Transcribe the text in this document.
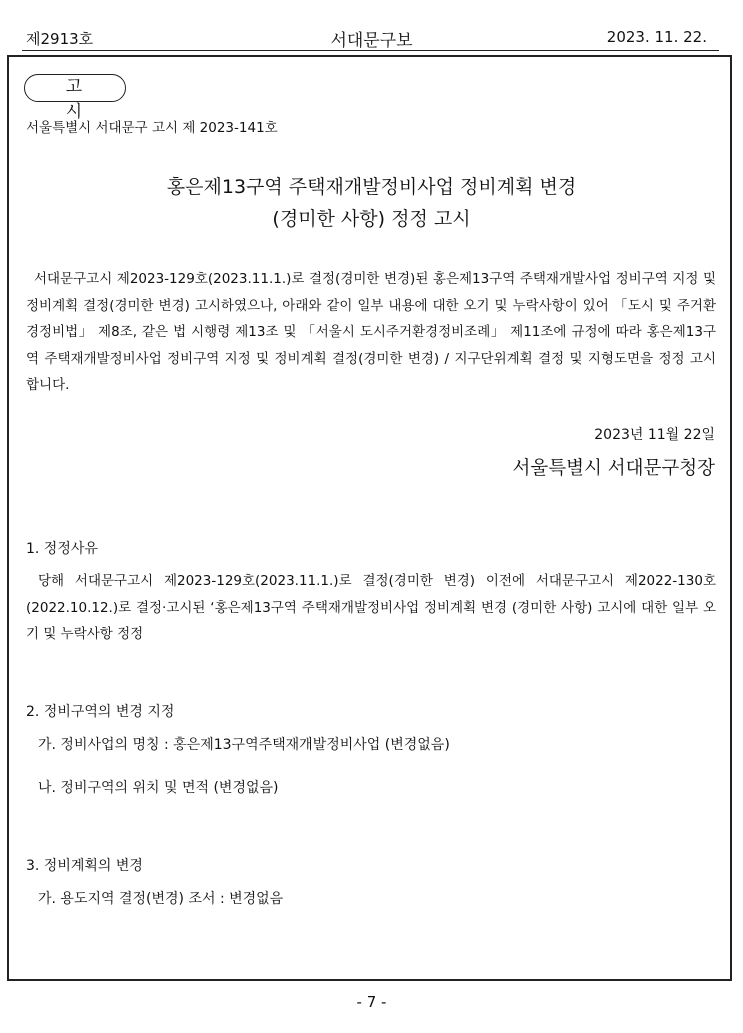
제2913호	서대문구보	2023. 11. 22.
고 시
서울특별시 서대문구 고시 제 2023-141호
홍은제13구역 주택재개발정비사업 정비계획 변경
(경미한 사항) 정정 고시
서대문구고시 제2023-129호(2023.11.1.)로 결정(경미한 변경)된 홍은제13구역 주택재개발사업 정비구역 지정 및 정비계획 결정(경미한 변경) 고시하였으나, 아래와 같이 일부 내용에 대한 오기 및 누락사항이 있어 「도시 및 주거환경정비법」 제8조, 같은 법 시행령 제13조 및 「서울시 도시주거환경정비조례」 제11조에 규정에 따라 홍은제13구역 주택재개발정비사업 정비구역 지정 및 정비계획 결정(경미한 변경) / 지구단위계획 결정 및 지형도면을 정정 고시 합니다.
2023년 11월 22일
서울특별시 서대문구청장
1. 정정사유
당해 서대문구고시 제2023-129호(2023.11.1.)로 결정(경미한 변경) 이전에 서대문구고시 제2022-130호(2022.10.12.)로 결정·고시된 ‘홍은제13구역 주택재개발정비사업 정비계획 변경 (경미한 사항) 고시에 대한 일부 오기 및 누락사항 정정
2. 정비구역의 변경 지정
가. 정비사업의 명칭 : 홍은제13구역주택재개발정비사업 (변경없음)
나. 정비구역의 위치 및 면적 (변경없음)
3. 정비계획의 변경
가. 용도지역 결정(변경) 조서 : 변경없음
- 7 -
